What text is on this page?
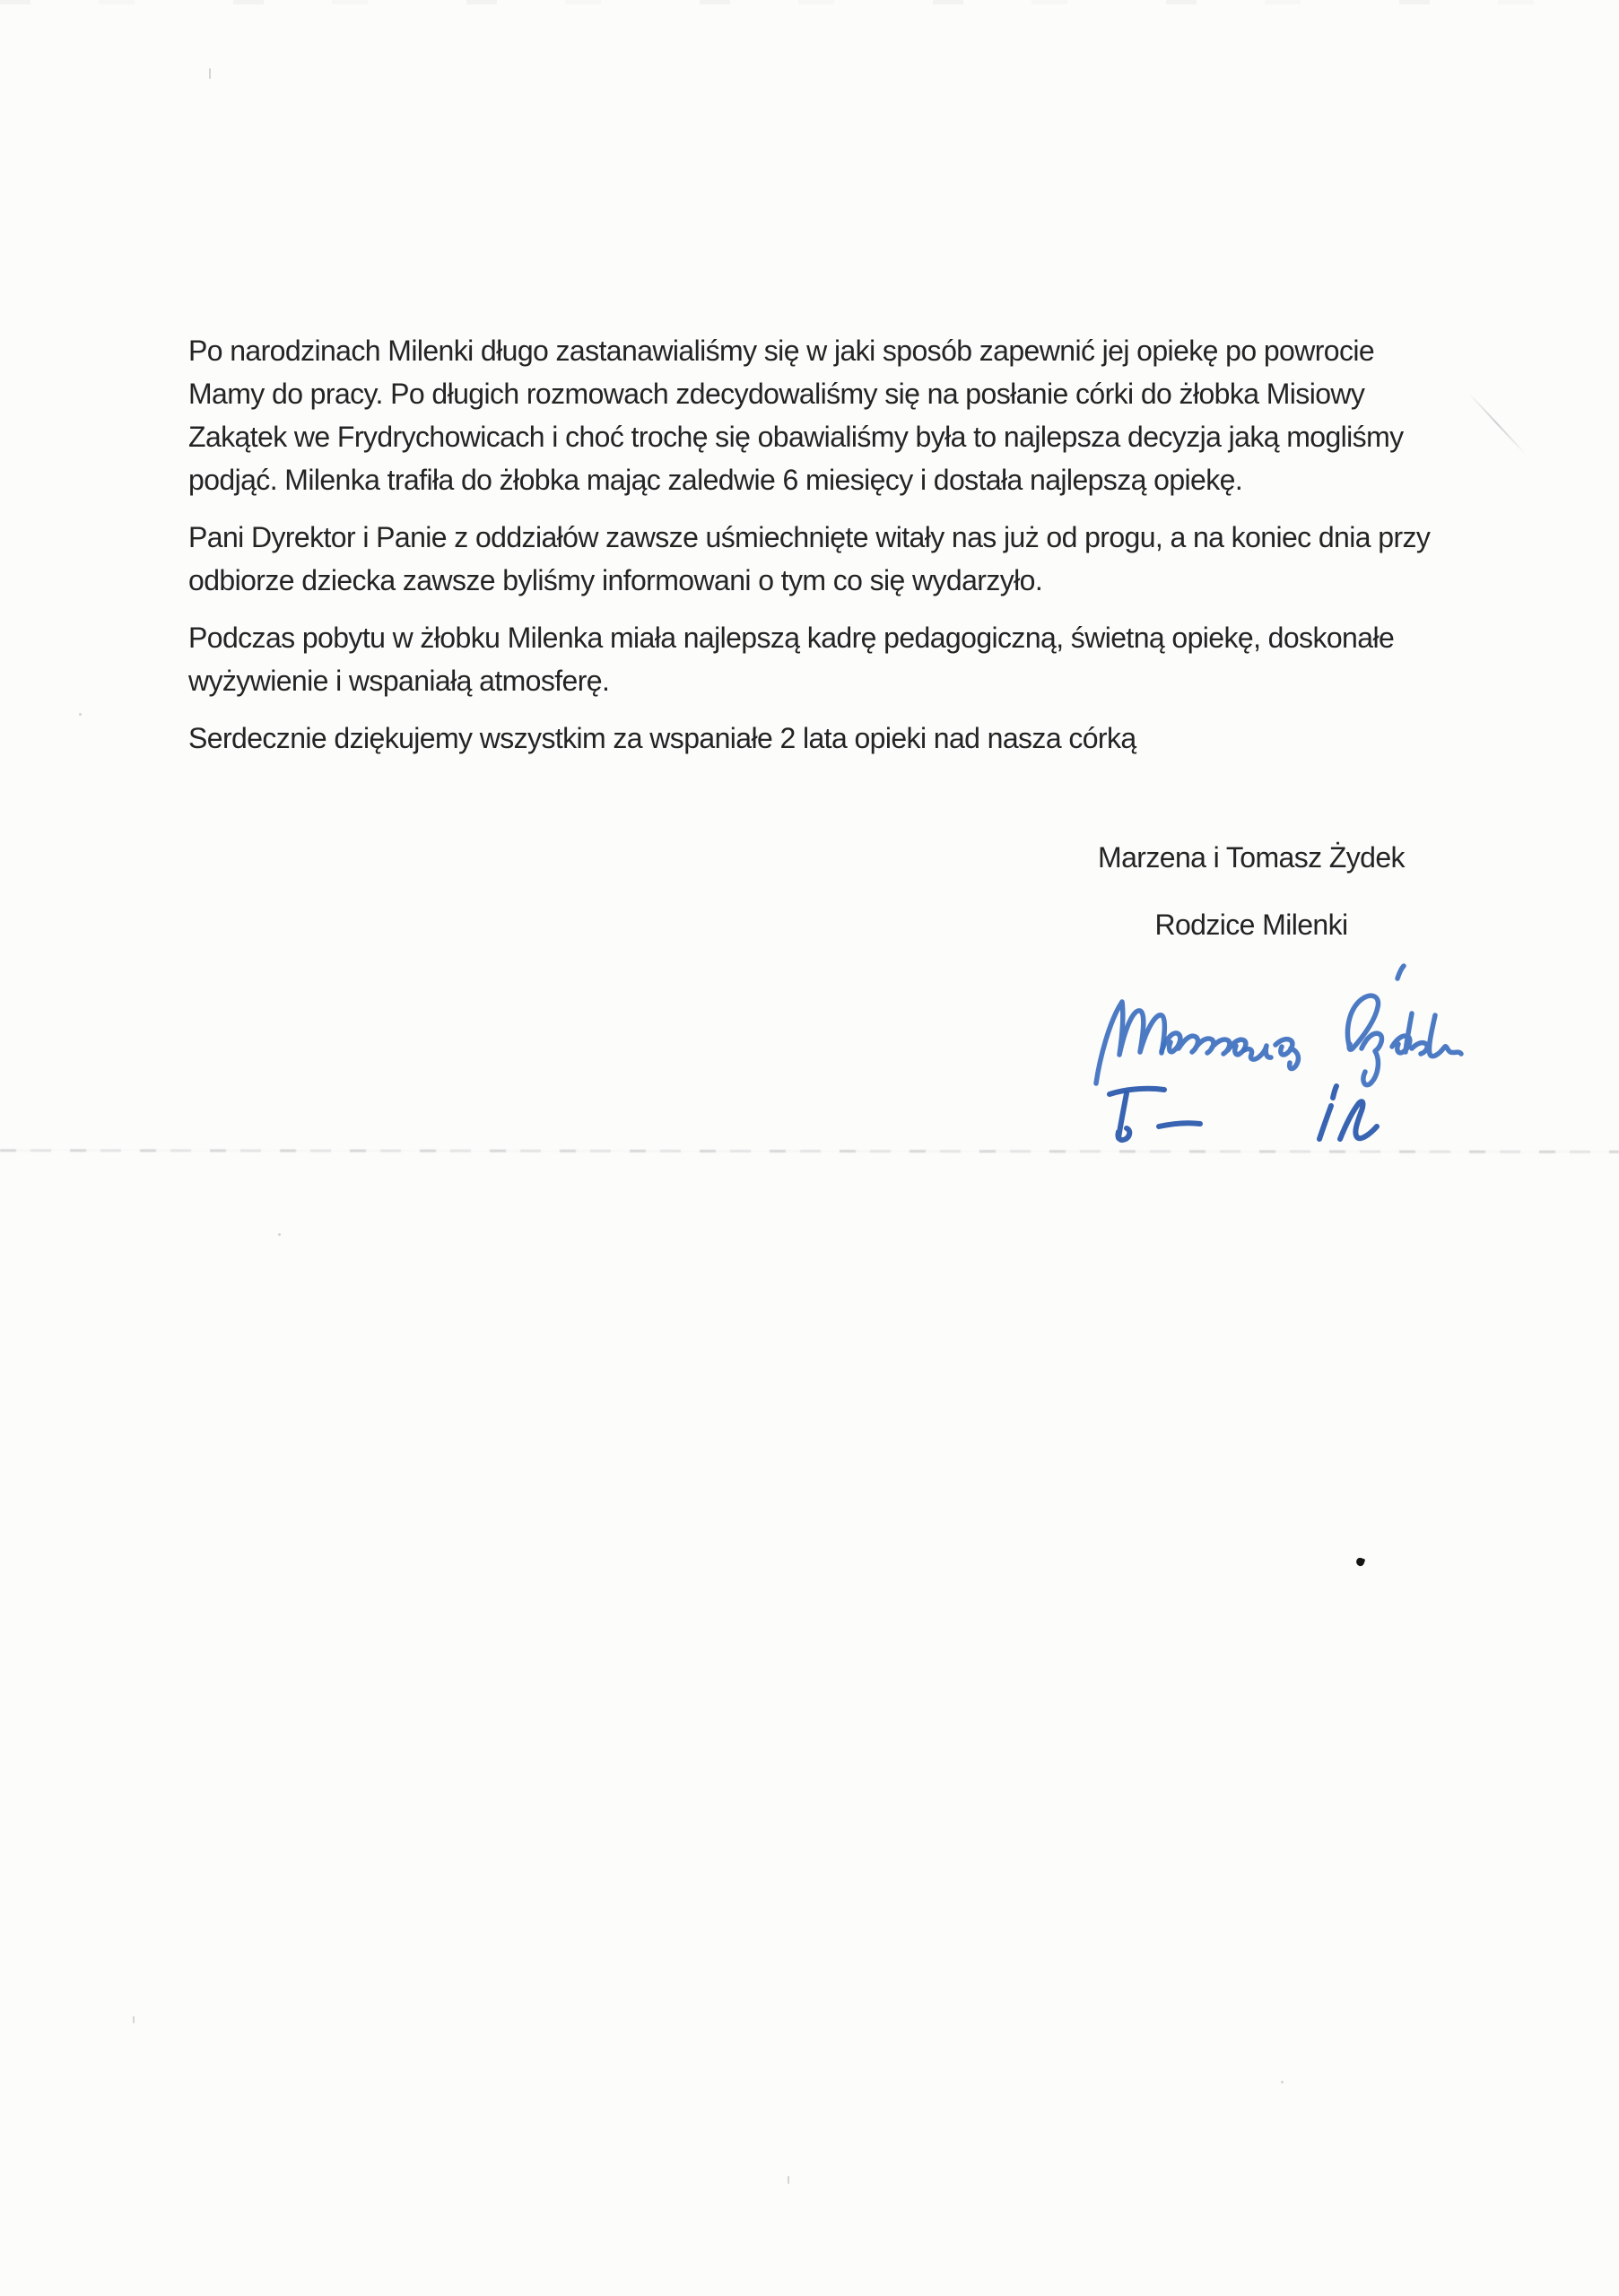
Po narodzinach Milenki długo zastanawialiśmy się w jaki sposób zapewnić jej opiekę po powrocie
Mamy do pracy. Po długich rozmowach zdecydowaliśmy się na posłanie córki do żłobka Misiowy
Zakątek we Frydrychowicach i choć trochę się obawialiśmy była to najlepsza decyzja jaką mogliśmy
podjąć. Milenka trafiła do żłobka mając zaledwie 6 miesięcy i dostała najlepszą opiekę.
Pani Dyrektor i Panie z oddziałów zawsze uśmiechnięte witały nas już od progu, a na koniec dnia przy
odbiorze dziecka zawsze byliśmy informowani o tym co się wydarzyło.
Podczas pobytu w żłobku Milenka miała najlepszą kadrę pedagogiczną, świetną opiekę, doskonałe
wyżywienie i wspaniałą atmosferę.
Serdecznie dziękujemy wszystkim za wspaniałe 2 lata opieki nad nasza córką
Marzena i Tomasz Żydek
Rodzice Milenki
